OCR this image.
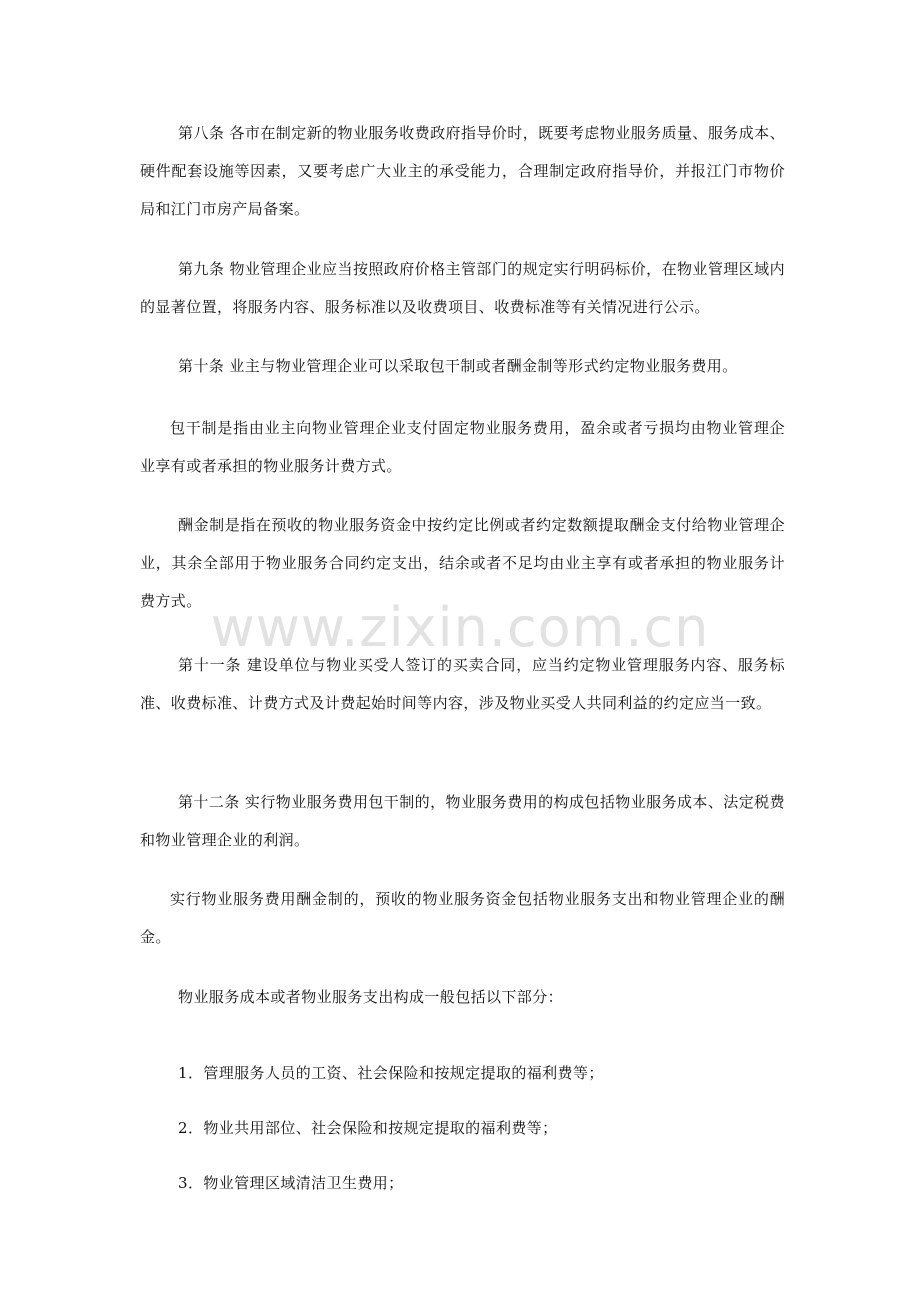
www.zixin.com.cn

第八条 各市在制定新的物业服务收费政府指导价时，既要考虑物业服务质量、服务成本、硬件配套设施等因素，又要考虑广大业主的承受能力，合理制定政府指导价，并报江门市物价局和江门市房产局备案。

第九条 物业管理企业应当按照政府价格主管部门的规定实行明码标价，在物业管理区域内的显著位置，将服务内容、服务标准以及收费项目、收费标准等有关情况进行公示。

第十条 业主与物业管理企业可以采取包干制或者酬金制等形式约定物业服务费用。

包干制是指由业主向物业管理企业支付固定物业服务费用，盈余或者亏损均由物业管理企业享有或者承担的物业服务计费方式。

酬金制是指在预收的物业服务资金中按约定比例或者约定数额提取酬金支付给物业管理企业，其余全部用于物业服务合同约定支出，结余或者不足均由业主享有或者承担的物业服务计费方式。

第十一条 建设单位与物业买受人签订的买卖合同，应当约定物业管理服务内容、服务标准、收费标准、计费方式及计费起始时间等内容，涉及物业买受人共同利益的约定应当一致。

第十二条 实行物业服务费用包干制的，物业服务费用的构成包括物业服务成本、法定税费和物业管理企业的利润。

实行物业服务费用酬金制的，预收的物业服务资金包括物业服务支出和物业管理企业的酬金。

物业服务成本或者物业服务支出构成一般包括以下部分：

1．管理服务人员的工资、社会保险和按规定提取的福利费等；

2．物业共用部位、社会保险和按规定提取的福利费等；

3．物业管理区域清洁卫生费用；
